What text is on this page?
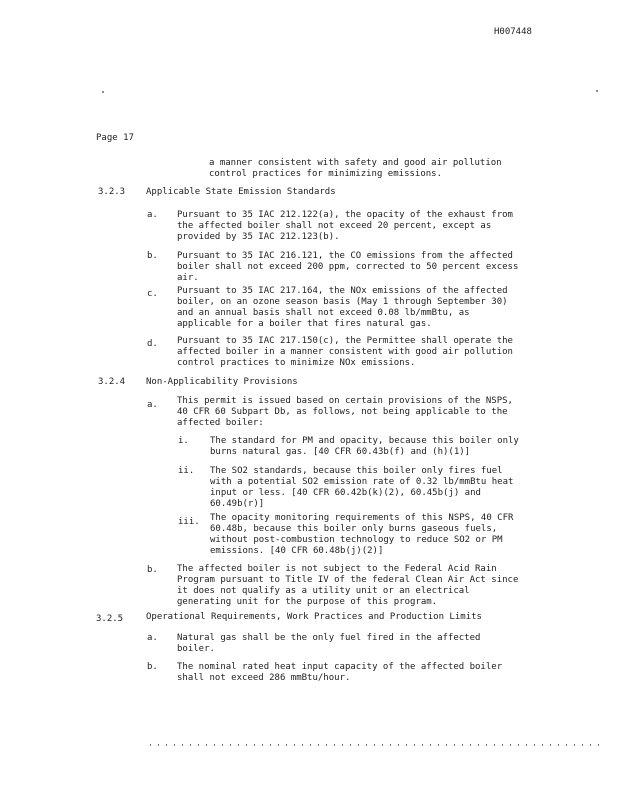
H007448
Page 17
a manner consistent with safety and good air pollution control practices for minimizing emissions.
3.2.3 Applicable State Emission Standards
a. Pursuant to 35 IAC 212.122(a), the opacity of the exhaust from the affected boiler shall not exceed 20 percent, except as provided by 35 IAC 212.123(b).
b. Pursuant to 35 IAC 216.121, the CO emissions from the affected boiler shall not exceed 200 ppm, corrected to 50 percent excess air.
c. Pursuant to 35 IAC 217.164, the NOx emissions of the affected boiler, on an ozone season basis (May 1 through September 30) and an annual basis shall not exceed 0.08 lb/mmBtu, as applicable for a boiler that fires natural gas.
d. Pursuant to 35 IAC 217.150(c), the Permittee shall operate the affected boiler in a manner consistent with good air pollution control practices to minimize NOx emissions.
3.2.4 Non-Applicability Provisions
a. This permit is issued based on certain provisions of the NSPS, 40 CFR 60 Subpart Db, as follows, not being applicable to the affected boiler:
i. The standard for PM and opacity, because this boiler only burns natural gas. [40 CFR 60.43b(f) and (h)(1)]
ii. The SO2 standards, because this boiler only fires fuel with a potential SO2 emission rate of 0.32 lb/mmBtu heat input or less. [40 CFR 60.42b(k)(2), 60.45b(j) and 60.49b(r)]
iii. The opacity monitoring requirements of this NSPS, 40 CFR 60.48b, because this boiler only burns gaseous fuels, without post-combustion technology to reduce SO2 or PM emissions. [40 CFR 60.48b(j)(2)]
b. The affected boiler is not subject to the Federal Acid Rain Program pursuant to Title IV of the federal Clean Air Act since it does not qualify as a utility unit or an electrical generating unit for the purpose of this program.
3.2.5	Operational Requirements, Work Practices and Production Limits
a. Natural gas shall be the only fuel fired in the affected boiler.
b. The nominal rated heat input capacity of the affected boiler shall not exceed 286 mmBtu/hour.
